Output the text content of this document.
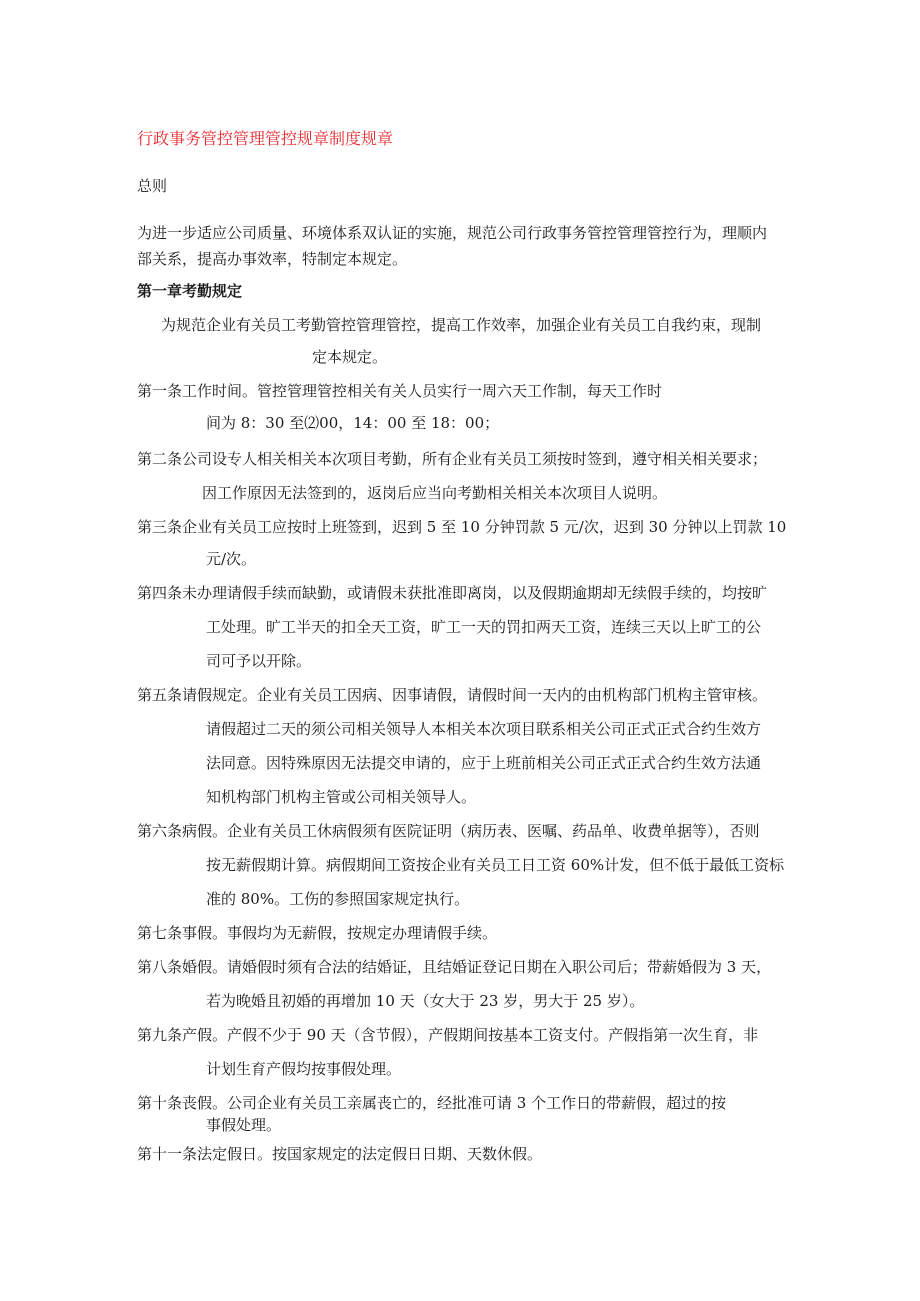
行政事务管控管理管控规章制度规章

总则

为进一步适应公司质量、环境体系双认证的实施，规范公司行政事务管控管理管控行为，理顺内

部关系，提高办事效率，特制定本规定。

第一章考勤规定

为规范企业有关员工考勤管控管理管控，提高工作效率，加强企业有关员工自我约束，现制

定本规定。

第一条工作时间。管控管理管控相关有关人员实行一周六天工作制，每天工作时

间为 8：30 至⑵00，14：00 至 18：00；

第二条公司设专人相关相关本次项目考勤，所有企业有关员工须按时签到，遵守相关相关要求；

因工作原因无法签到的，返岗后应当向考勤相关相关本次项目人说明。

第三条企业有关员工应按时上班签到，迟到 5 至 10 分钟罚款 5 元/次，迟到 30 分钟以上罚款 10

元/次。

第四条未办理请假手续而缺勤，或请假未获批准即离岗，以及假期逾期却无续假手续的，均按旷

工处理。旷工半天的扣全天工资，旷工一天的罚扣两天工资，连续三天以上旷工的公

司可予以开除。

第五条请假规定。企业有关员工因病、因事请假，请假时间一天内的由机构部门机构主管审核。

请假超过二天的须公司相关领导人本相关本次项目联系相关公司正式正式合约生效方

法同意。因特殊原因无法提交申请的，应于上班前相关公司正式正式合约生效方法通

知机构部门机构主管或公司相关领导人。

第六条病假。企业有关员工休病假须有医院证明（病历表、医嘱、药品单、收费单据等），否则

按无薪假期计算。病假期间工资按企业有关员工日工资 60%计发，但不低于最低工资标

准的 80%。工伤的参照国家规定执行。

第七条事假。事假均为无薪假，按规定办理请假手续。

第八条婚假。请婚假时须有合法的结婚证，且结婚证登记日期在入职公司后；带薪婚假为 3 天，

若为晚婚且初婚的再增加 10 天（女大于 23 岁，男大于 25 岁）。

第九条产假。产假不少于 90 天（含节假），产假期间按基本工资支付。产假指第一次生育，非

计划生育产假均按事假处理。

第十条丧假。公司企业有关员工亲属丧亡的，经批准可请 3 个工作日的带薪假，超过的按

事假处理。

第十一条法定假日。按国家规定的法定假日日期、天数休假。
